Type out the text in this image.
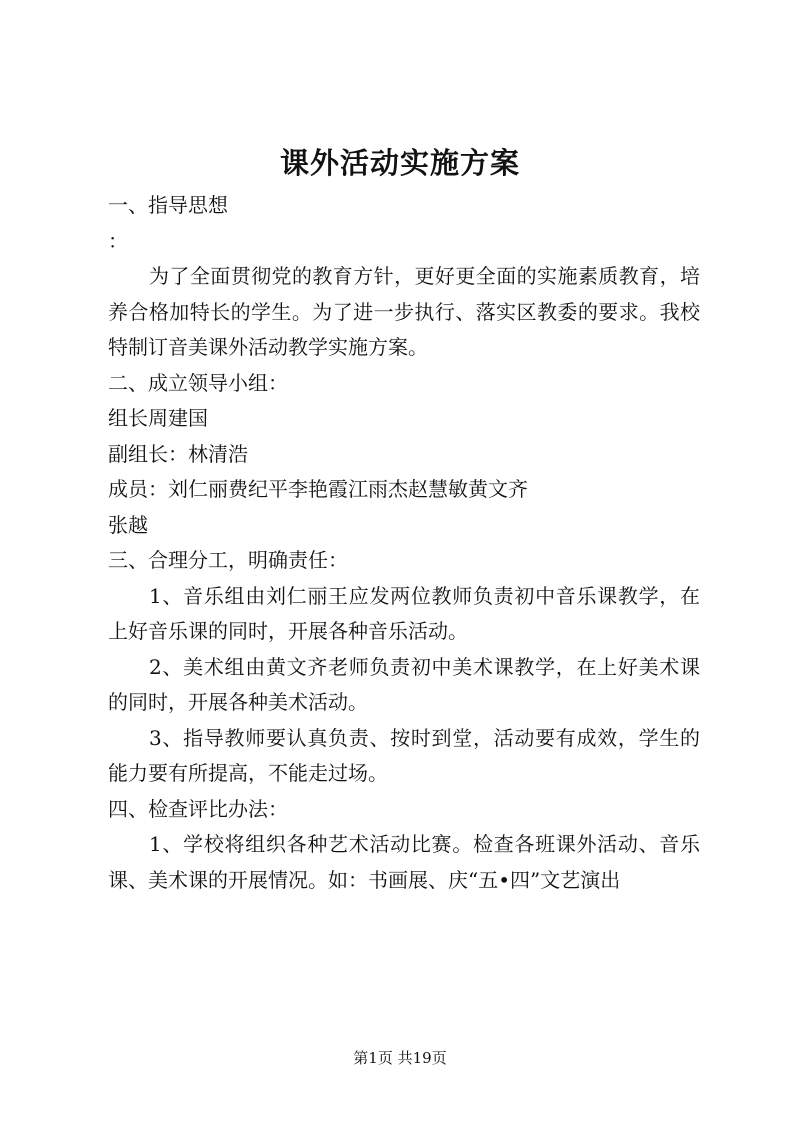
课外活动实施方案

一、指导思想

：

为了全面贯彻党的教育方针，更好更全面的实施素质教育，培养合格加特长的学生。为了进一步执行、落实区教委的要求。我校特制订音美课外活动教学实施方案。

二、成立领导小组：

组长周建国

副组长：林清浩

成员：刘仁丽费纪平李艳霞江雨杰赵慧敏黄文齐

张越

三、合理分工，明确责任：

1、音乐组由刘仁丽王应发两位教师负责初中音乐课教学，在上好音乐课的同时，开展各种音乐活动。

2、美术组由黄文齐老师负责初中美术课教学，在上好美术课的同时，开展各种美术活动。

3、指导教师要认真负责、按时到堂，活动要有成效，学生的能力要有所提高，不能走过场。

四、检查评比办法：

1、学校将组织各种艺术活动比赛。检查各班课外活动、音乐课、美术课的开展情况。如：书画展、庆“五•四”文艺演出

第1页 共19页
